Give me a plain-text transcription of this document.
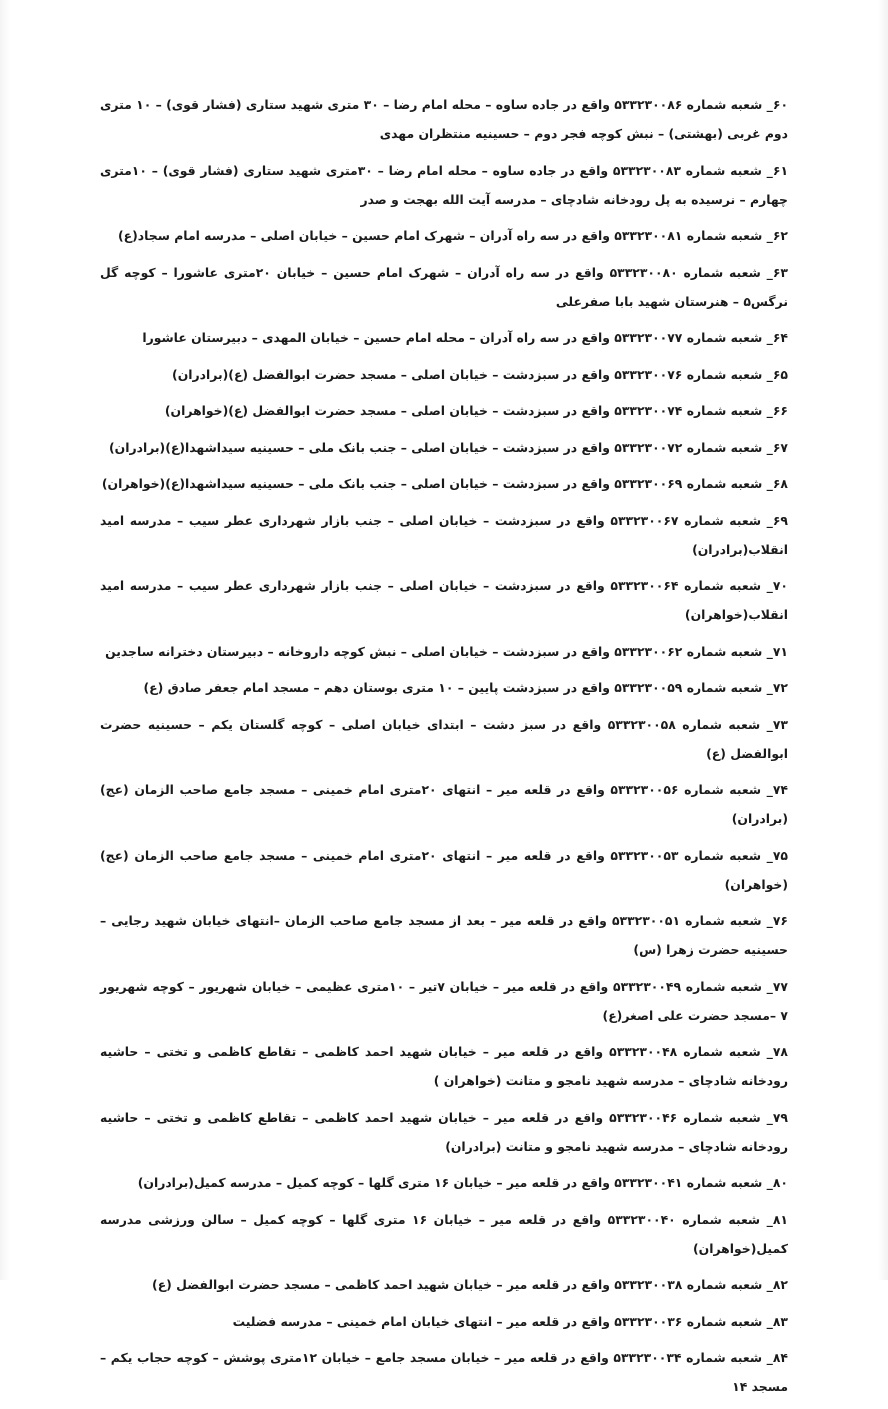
۶۰_ شعبه شماره ۵۳۳۲۳۰۰۸۶ واقع در جاده ساوه – محله امام رضا – ۳۰ متری شهید ستاری (فشار قوی) – ۱۰ متری دوم غربی (بهشتی) – نبش کوچه فجر دوم – حسینیه منتظران مهدی

۶۱_ شعبه شماره ۵۳۳۲۳۰۰۸۳ واقع در جاده ساوه – محله امام رضا – ۳۰متری شهید ستاری (فشار قوی) – ۱۰متری چهارم – نرسیده به پل رودخانه شادچای – مدرسه آیت الله بهجت و صدر

۶۲_ شعبه شماره ۵۳۳۲۳۰۰۸۱ واقع در سه راه آدران – شهرک امام حسین – خیابان اصلی – مدرسه امام سجاد(ع)

۶۳_ شعبه شماره ۵۳۳۲۳۰۰۸۰ واقع در سه راه آدران – شهرک امام حسین – خیابان ۲۰متری عاشورا – کوچه گل نرگس۵ – هنرستان شهید بابا صفرعلی

۶۴_ شعبه شماره ۵۳۳۲۳۰۰۷۷ واقع در سه راه آدران – محله امام حسین – خیابان المهدی – دبیرستان عاشورا

۶۵_ شعبه شماره ۵۳۳۲۳۰۰۷۶ واقع در سبزدشت – خیابان اصلی – مسجد حضرت ابوالفضل (ع)(برادران)

۶۶_ شعبه شماره ۵۳۳۲۳۰۰۷۴ واقع در سبزدشت – خیابان اصلی – مسجد حضرت ابوالفضل (ع)(خواهران)

۶۷_ شعبه شماره ۵۳۳۲۳۰۰۷۲ واقع در سبزدشت – خیابان اصلی – جنب بانک ملی – حسینیه سیداشهدا(ع)(برادران)

۶۸_ شعبه شماره ۵۳۳۲۳۰۰۶۹ واقع در سبزدشت – خیابان اصلی – جنب بانک ملی – حسینیه سیداشهدا(ع)(خواهران)

۶۹_ شعبه شماره ۵۳۳۲۳۰۰۶۷ واقع در سبزدشت – خیابان اصلی – جنب بازار شهرداری عطر سیب – مدرسه امید انقلاب(برادران)

۷۰_ شعبه شماره ۵۳۳۲۳۰۰۶۴ واقع در سبزدشت – خیابان اصلی – جنب بازار شهرداری عطر سیب – مدرسه امید انقلاب(خواهران)

۷۱_ شعبه شماره ۵۳۳۲۳۰۰۶۲ واقع در سبزدشت – خیابان اصلی – نبش کوچه داروخانه – دبیرستان دخترانه ساجدین

۷۲_ شعبه شماره ۵۳۳۲۳۰۰۵۹ واقع در سبزدشت پایین – ۱۰ متری بوستان دهم – مسجد امام جعفر صادق (ع)

۷۳_ شعبه شماره ۵۳۳۲۳۰۰۵۸ واقع در سبز دشت – ابتدای خیابان اصلی – کوچه گلستان یکم – حسینیه حضرت ابوالفضل (ع)

۷۴_ شعبه شماره ۵۳۳۲۳۰۰۵۶ واقع در قلعه میر – انتهای ۲۰متری امام خمینی – مسجد جامع صاحب الزمان (عج)(برادران)

۷۵_ شعبه شماره ۵۳۳۲۳۰۰۵۳ واقع در قلعه میر – انتهای ۲۰متری امام خمینی – مسجد جامع صاحب الزمان (عج)(خواهران)

۷۶_ شعبه شماره ۵۳۳۲۳۰۰۵۱ واقع در قلعه میر – بعد از مسجد جامع صاحب الزمان –انتهای خیابان شهید رجایی – حسینیه حضرت زهرا (س)

۷۷_ شعبه شماره ۵۳۳۲۳۰۰۴۹ واقع در قلعه میر – خیابان ۷تیر – ۱۰متری عظیمی – خیابان شهریور – کوچه شهریور ۷ –مسجد حضرت علی اصغر(ع)

۷۸_ شعبه شماره ۵۳۳۲۳۰۰۴۸ واقع در قلعه میر – خیابان شهید احمد کاظمی – تقاطع کاظمی و تختی – حاشیه رودخانه شادچای – مدرسه شهید نامجو و متانت (خواهران )

۷۹_ شعبه شماره ۵۳۳۲۳۰۰۴۶ واقع در قلعه میر – خیابان شهید احمد کاظمی – تقاطع کاظمی و تختی – حاشیه رودخانه شادچای – مدرسه شهید نامجو و متانت (برادران)

۸۰_ شعبه شماره ۵۳۳۲۳۰۰۴۱ واقع در قلعه میر – خیابان ۱۶ متری گلها – کوچه کمیل – مدرسه کمیل(برادران)

۸۱_ شعبه شماره ۵۳۳۲۳۰۰۴۰ واقع در قلعه میر – خیابان ۱۶ متری گلها – کوچه کمیل – سالن ورزشی مدرسه کمیل(خواهران)

۸۲_ شعبه شماره ۵۳۳۲۳۰۰۳۸ واقع در قلعه میر – خیابان شهید احمد کاظمی – مسجد حضرت ابوالفضل (ع)

۸۳_ شعبه شماره ۵۳۳۲۳۰۰۳۶ واقع در قلعه میر – انتهای خیابان امام خمینی – مدرسه فضلیت

۸۴_ شعبه شماره ۵۳۳۲۳۰۰۳۴ واقع در قلعه میر – خیابان مسجد جامع – خیابان ۱۲متری پوشش – کوچه حجاب یکم – مسجد ۱۴
